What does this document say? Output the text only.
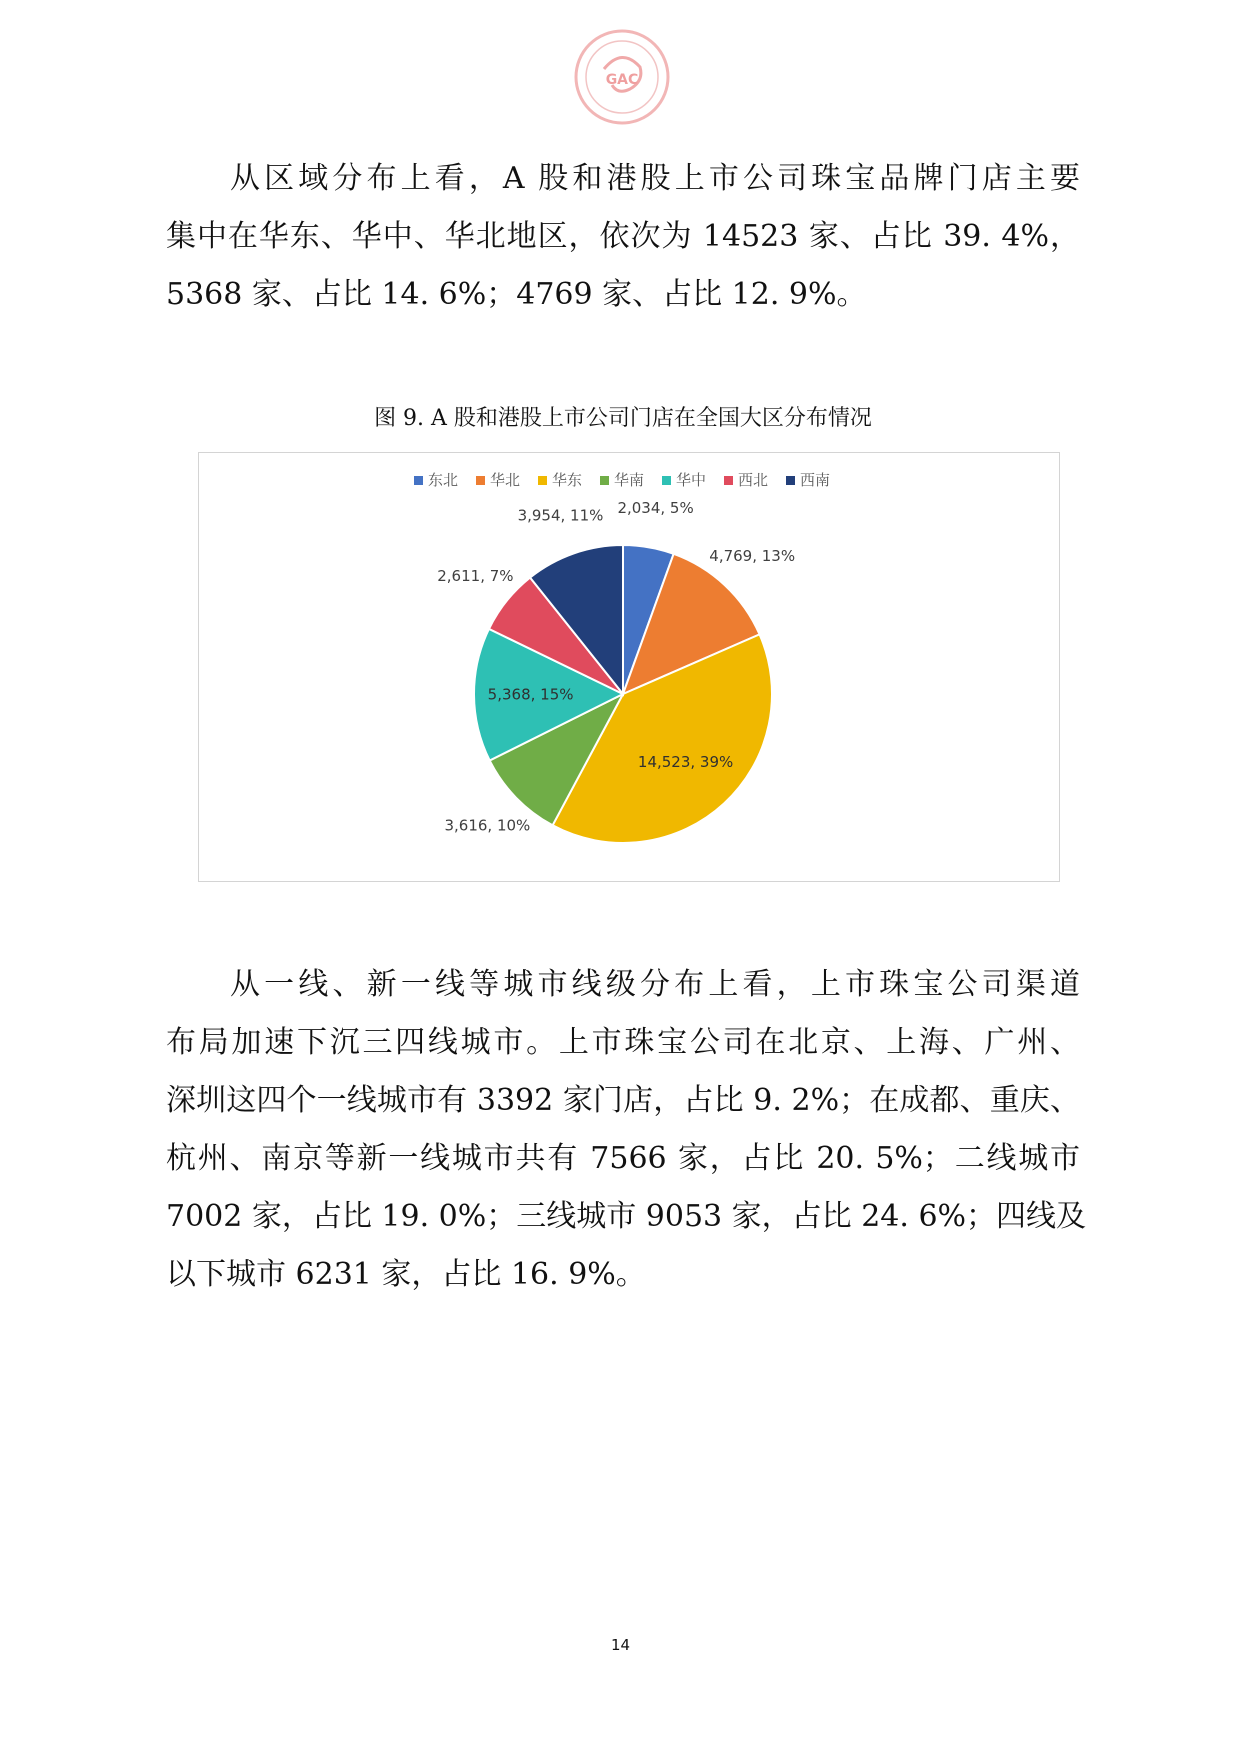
GAC
从区域分布上看，A 股和港股上市公司珠宝品牌门店主要
集中在华东、华中、华北地区，依次为 14523 家、占比 39. 4%，
5368 家、占比 14. 6%；4769 家、占比 12. 9%。
图 9. A 股和港股上市公司门店在全国大区分布情况
东北 华北 华东 华南 华中 西北 西南
2,034, 5%
4,769, 13%
14,523, 39%
3,616, 10%
5,368, 15%
2,611, 7%
3,954, 11%
从一线、新一线等城市线级分布上看，上市珠宝公司渠道
布局加速下沉三四线城市。上市珠宝公司在北京、上海、广州、
深圳这四个一线城市有 3392 家门店，占比 9. 2%；在成都、重庆、
杭州、南京等新一线城市共有 7566 家，占比 20. 5%；二线城市
7002 家，占比 19. 0%；三线城市 9053 家，占比 24. 6%；四线及
以下城市 6231 家，占比 16. 9%。
14
